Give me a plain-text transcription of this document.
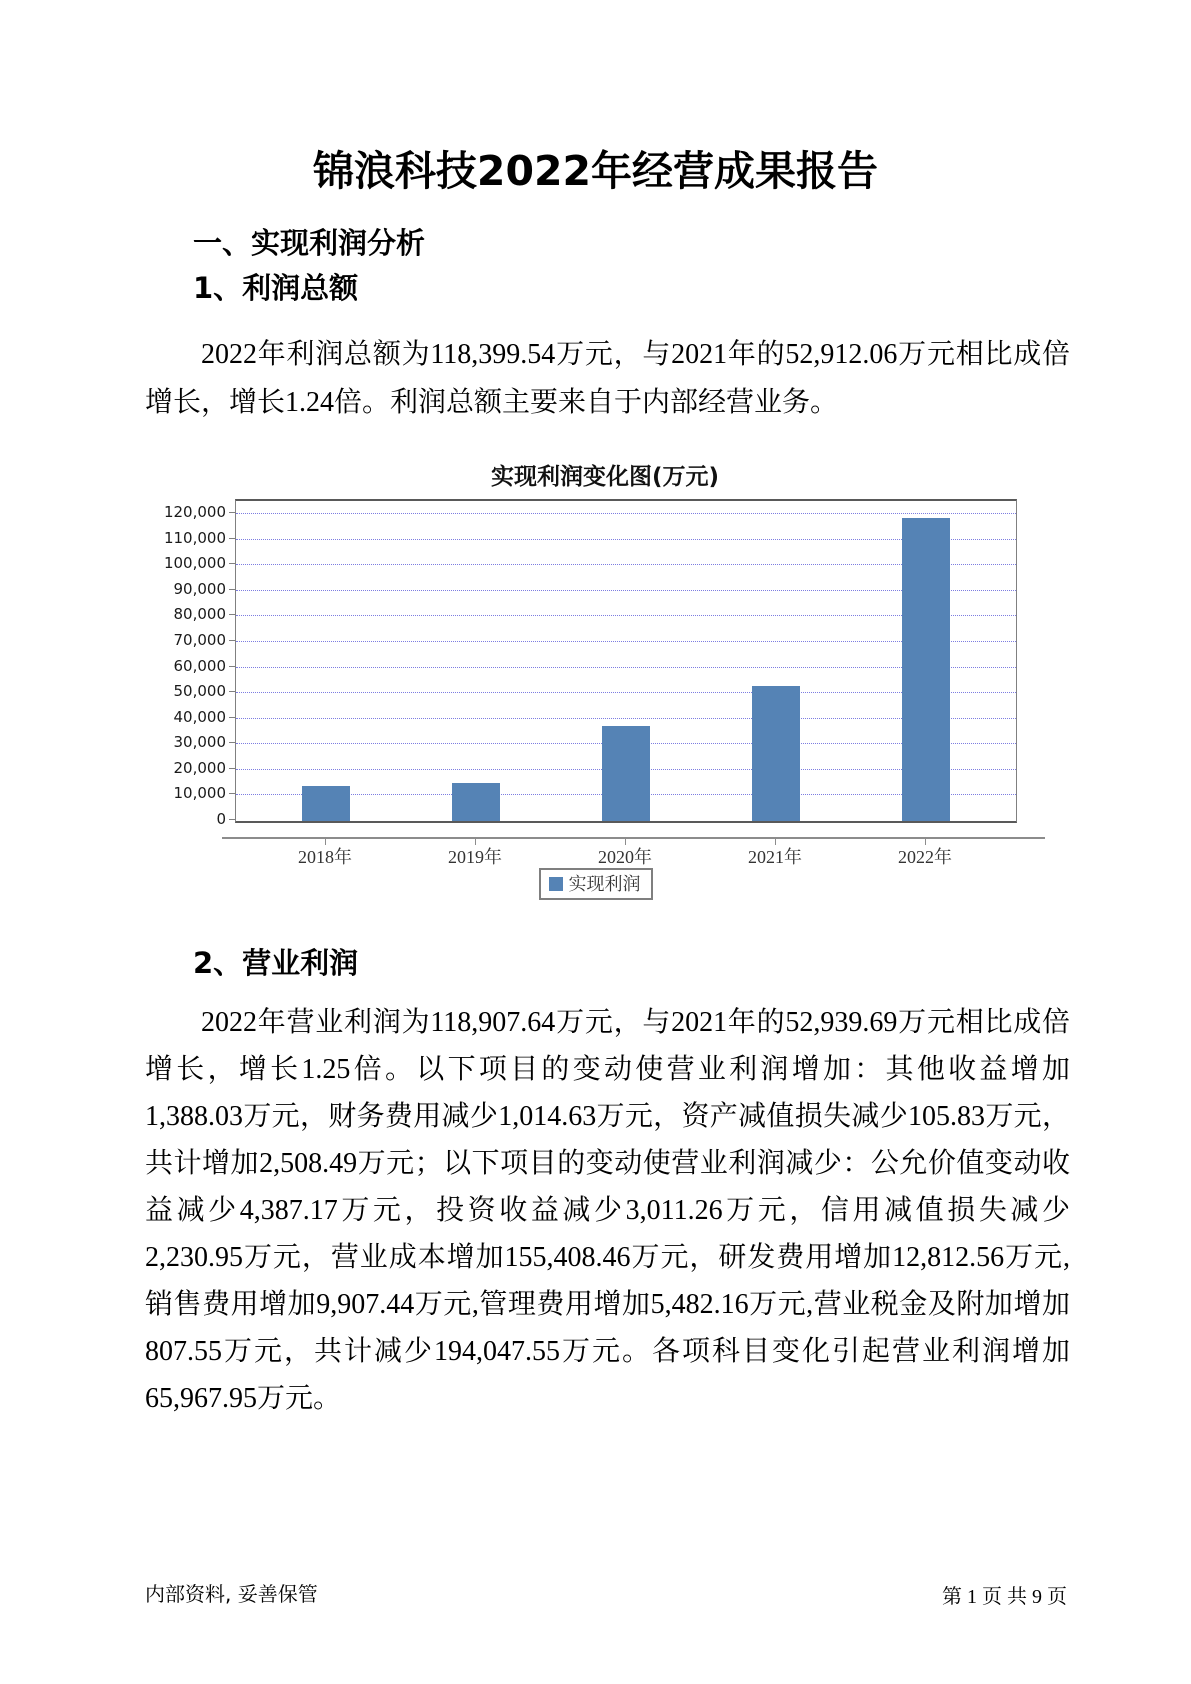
锦浪科技2022年经营成果报告
一、实现利润分析
1、利润总额
2022年利润总额为118,399.54万元，与2021年的52,912.06万元相比成倍增长，增长1.24倍。利润总额主要来自于内部经营业务。
实现利润变化图(万元)
实现利润
0
10,000
20,000
30,000
40,000
50,000
60,000
70,000
80,000
90,000
100,000
110,000
120,000
2018年	2019年	2020年	2021年	2022年
2、营业利润
2022年营业利润为118,907.64万元，与2021年的52,939.69万元相比成倍增长，增长1.25倍。以下项目的变动使营业利润增加：其他收益增加1,388.03万元，财务费用减少1,014.63万元，资产减值损失减少105.83万元，共计增加2,508.49万元；以下项目的变动使营业利润减少：公允价值变动收益减少4,387.17万元，投资收益减少3,011.26万元，信用减值损失减少2,230.95万元，营业成本增加155,408.46万元，研发费用增加12,812.56万元,销售费用增加9,907.44万元,管理费用增加5,482.16万元,营业税金及附加增加807.55万元，共计减少194,047.55万元。各项科目变化引起营业利润增加65,967.95万元。
内部资料, 妥善保管	第 1 页 共 9 页
